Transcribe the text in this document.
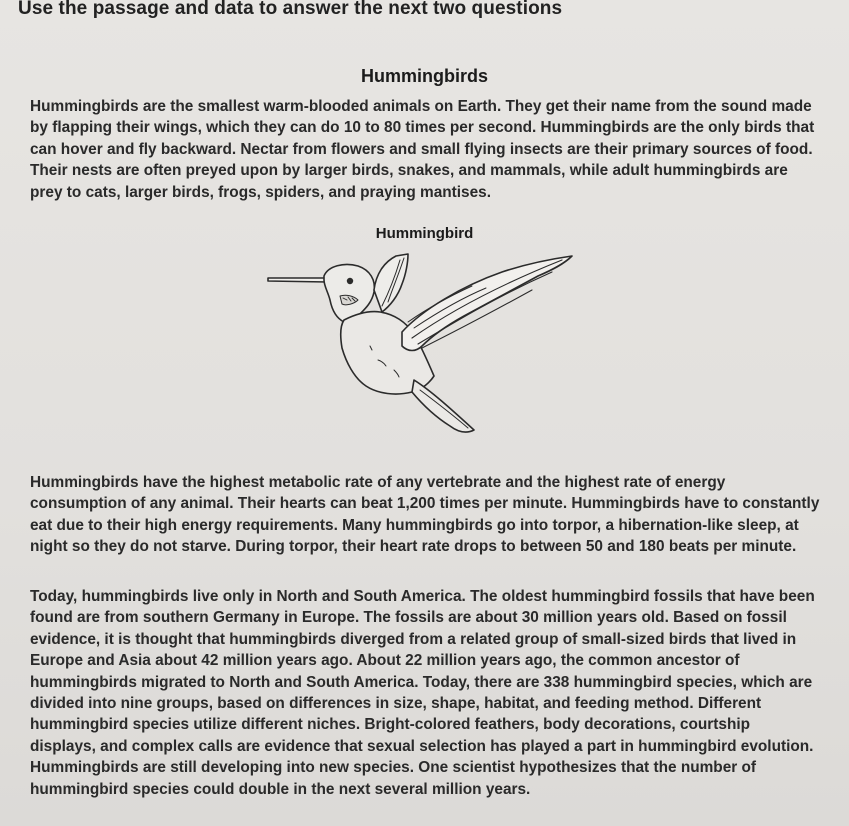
Use the passage and data to answer the next two questions
Hummingbirds

Hummingbirds are the smallest warm-blooded animals on Earth. They get their name from the sound made by flapping their wings, which they can do 10 to 80 times per second. Hummingbirds are the only birds that can hover and fly backward. Nectar from flowers and small flying insects are their primary sources of food. Their nests are often preyed upon by larger birds, snakes, and mammals, while adult hummingbirds are prey to cats, larger birds, frogs, spiders, and praying mantises.

Hummingbird

Hummingbirds have the highest metabolic rate of any vertebrate and the highest rate of energy consumption of any animal. Their hearts can beat 1,200 times per minute. Hummingbirds have to constantly eat due to their high energy requirements. Many hummingbirds go into torpor, a hibernation-like sleep, at night so they do not starve. During torpor, their heart rate drops to between 50 and 180 beats per minute.

Today, hummingbirds live only in North and South America. The oldest hummingbird fossils that have been found are from southern Germany in Europe. The fossils are about 30 million years old. Based on fossil evidence, it is thought that hummingbirds diverged from a related group of small-sized birds that lived in Europe and Asia about 42 million years ago. About 22 million years ago, the common ancestor of hummingbirds migrated to North and South America. Today, there are 338 hummingbird species, which are divided into nine groups, based on differences in size, shape, habitat, and feeding method. Different hummingbird species utilize different niches. Bright-colored feathers, body decorations, courtship displays, and complex calls are evidence that sexual selection has played a part in hummingbird evolution. Hummingbirds are still developing into new species. One scientist hypothesizes that the number of hummingbird species could double in the next several million years.
